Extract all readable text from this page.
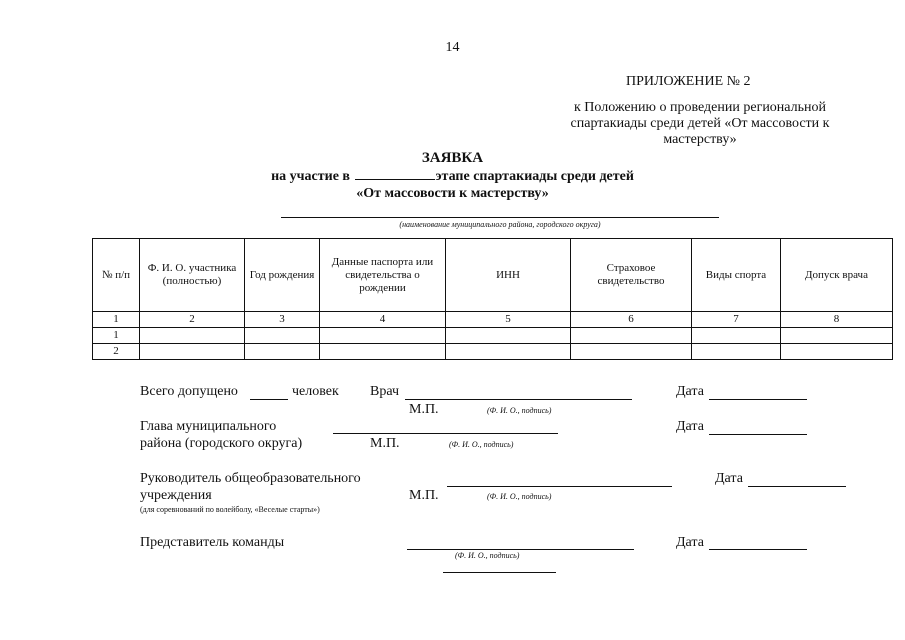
14
ПРИЛОЖЕНИЕ № 2
к Положению о проведении региональной спартакиады среди детей «От массовости к мастерству»
ЗАЯВКА
на участие в	этапе спартакиады среди детей
«От массовости к мастерству»
(наименование муниципального района, городского округа)
№ п/п	Ф. И. О. участника (полностью)	Год рождения	Данные паспорта или свидетельства о рождении	ИНН	Страховое свидетельство	Виды спорта	Допуск врача
1	2	3	4	5	6	7	8
1							
2							
Всего допущено	человек Врач
М.П.	(Ф. И. О., подпись)
Дата
Глава муниципального
района (городского округа)	М.П.	(Ф. И. О., подпись)
Дата
Руководитель общеобразовательного
учреждения
(для соревнований по волейболу, «Веселые старты»)
М.П.	(Ф. И. О., подпись)
Дата
Представитель команды
(Ф. И. О., подпись)
Дата
